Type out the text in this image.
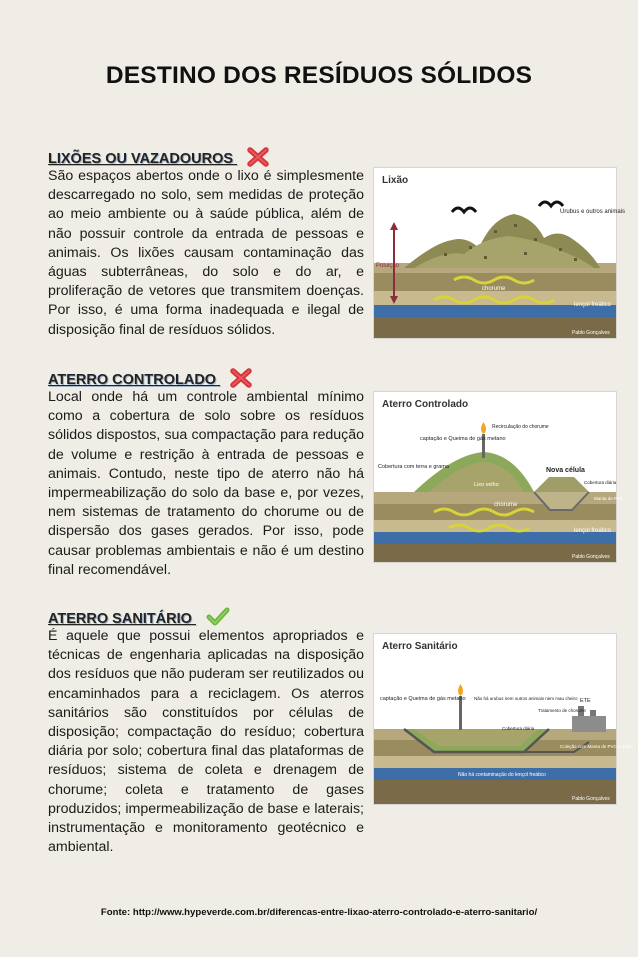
DESTINO DOS RESÍDUOS SÓLIDOS
LIXÕES OU VAZADOUROS
São espaços abertos onde o lixo é simplesmente descarregado no solo, sem medidas de proteção ao meio ambiente ou à saúde pública, além de não possuir controle da entrada de pessoas e animais. Os lixões causam contaminação das águas subterrâneas, do solo e do ar, e proliferação de vetores que transmitem doenças. Por isso, é uma forma inadequada e ilegal de disposição final de resíduos sólidos.
Lixão
Urubus e outros animais
Poluição
chorume
lençol freático
Pablo Gonçalves
ATERRO CONTROLADO
Local onde há um controle ambiental mínimo como a cobertura de solo sobre os resíduos sólidos dispostos, sua compactação para redução de volume e restrição à entrada de pessoas e animais. Contudo, neste tipo de aterro não há impermeabilização do solo da base e, por vezes, nem sistemas de tratamento do chorume ou de dispersão dos gases gerados. Por isso, pode causar problemas ambientais e não é um destino final recomendável.
Aterro Controlado
captação e Queima de gás metano
Recirculação do chorume
Cobertura com terra e grama
Lixo velho
Nova célula
Cobertura diária
Manta de PVC
chorume
lençol freático
Pablo Gonçalves
ATERRO SANITÁRIO
É aquele que possui elementos apropriados e técnicas de engenharia aplicadas na disposição dos resíduos que não puderam ser reutilizados ou encaminhados para a reciclagem. Os aterros sanitários são constituídos por células de disposição; compactação do resíduo; cobertura diária por solo; cobertura final das plataformas de resíduos; sistema de coleta e drenagem de chorume; coleta e tratamento de gases produzidos; impermeabilização de base e laterais; instrumentação e monitoramento geotécnico e ambiental.
Aterro Sanitário
captação e Queima de gás metano Não há urubus nem outros animais nem mau cheiro ETE
Tratamento de chorume
Cobertura diária
Coleção com Manta de PVC e argila
Não há contaminação do lençol freático
Pablo Gonçalves
Fonte: http://www.hypeverde.com.br/diferencas-entre-lixao-aterro-controlado-e-aterro-sanitario/
